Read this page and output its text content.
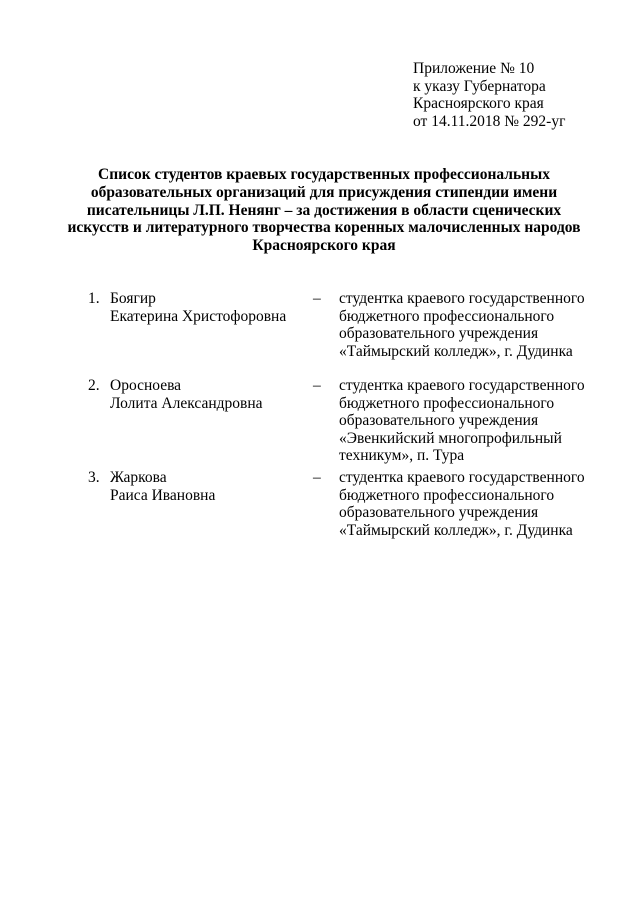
Приложение № 10
к указу Губернатора
Красноярского края
от 14.11.2018 № 292-уг
Список студентов краевых государственных профессиональных
образовательных организаций для присуждения стипендии имени
писательницы Л.П. Ненянг – за достижения в области сценических
искусств и литературного творчества коренных малочисленных народов
Красноярского края
1. Боягир
Екатерина Христофоровна
– студентка краевого государственного
бюджетного профессионального
образовательного учреждения
«Таймырский колледж», г. Дудинка
2. Оросноева
Лолита Александровна
– студентка краевого государственного
бюджетного профессионального
образовательного учреждения
«Эвенкийский многопрофильный
техникум», п. Тура
3. Жаркова
Раиса Ивановна
– студентка краевого государственного
бюджетного профессионального
образовательного учреждения
«Таймырский колледж», г. Дудинка
